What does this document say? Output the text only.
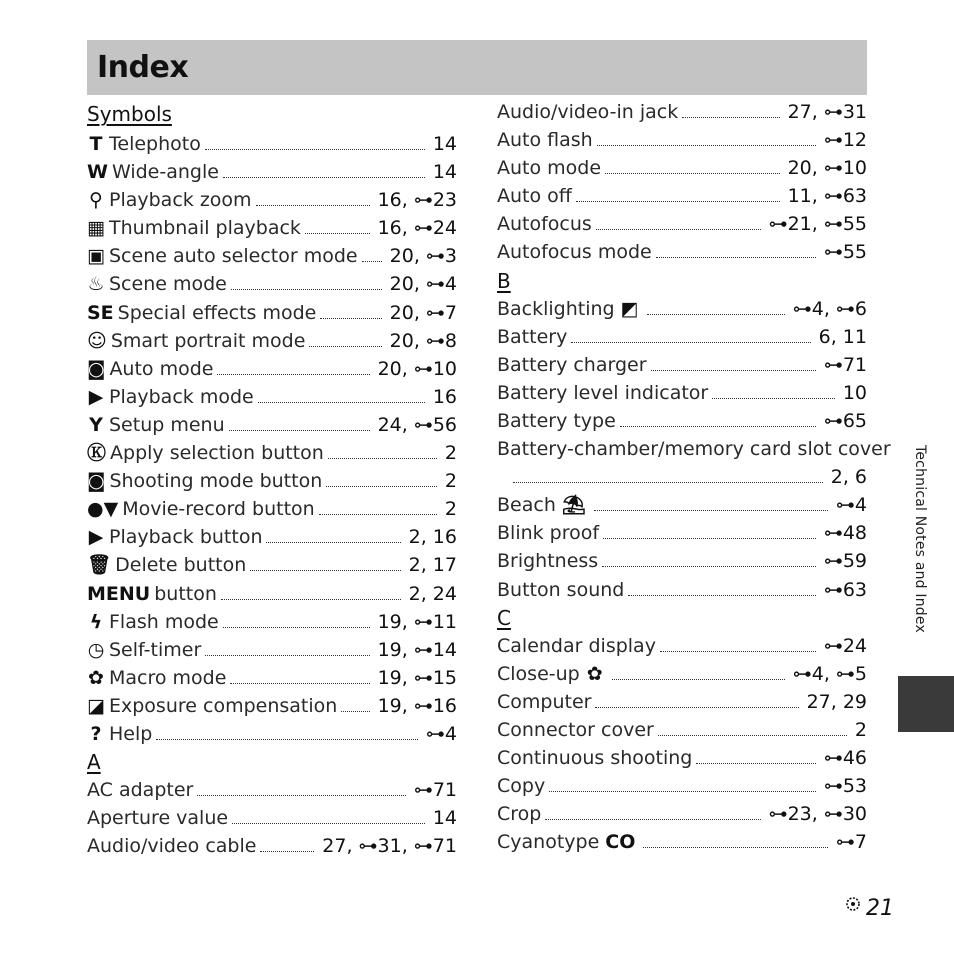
Index
Symbols
T Telephoto	14
W Wide-angle	14
⚲ Playback zoom	16, ⊶23
▦ Thumbnail playback	16, ⊶24
▣ Scene auto selector mode 20, ⊶3
♨ Scene mode	20, ⊶4
SE Special effects mode	20, ⊶7
☺ Smart portrait mode	20, ⊶8
◙ Auto mode	20, ⊶10
▶ Playback mode	16
Y Setup menu	24, ⊶56
Ⓚ Apply selection button	2
◙ Shooting mode button	2
●▼ Movie-record button	2
▶ Playback button	2, 16
🗑 Delete button	2, 17
MENU button	2, 24
ϟ Flash mode	19, ⊶11
◷ Self-timer	19, ⊶14
✿ Macro mode	19, ⊶15
◪ Exposure compensation 19, ⊶16
? Help	⊶4
A
AC adapter	⊶71
Aperture value	14
Audio/video cable	27, ⊶31, ⊶71
Audio/video-in jack	27, ⊶31
Auto flash	⊶12
Auto mode	20, ⊶10
Auto off	11, ⊶63
Autofocus	⊶21, ⊶55
Autofocus mode	⊶55
B
Backlighting ◩	⊶4, ⊶6
Battery	6, 11
Battery charger	⊶71
Battery level indicator	10
Battery type	⊶65
Battery-chamber/memory card slot cover
2, 6
Beach ⛱	⊶4
Blink proof	⊶48
Brightness	⊶59
Button sound	⊶63
C
Calendar display	⊶24
Close-up ✿	⊶4, ⊶5
Computer	27, 29
Connector cover	2
Continuous shooting	⊶46
Copy	⊶53
Crop	⊶23, ⊶30
Cyanotype CO	⊶7
Technical Notes and Index
21
